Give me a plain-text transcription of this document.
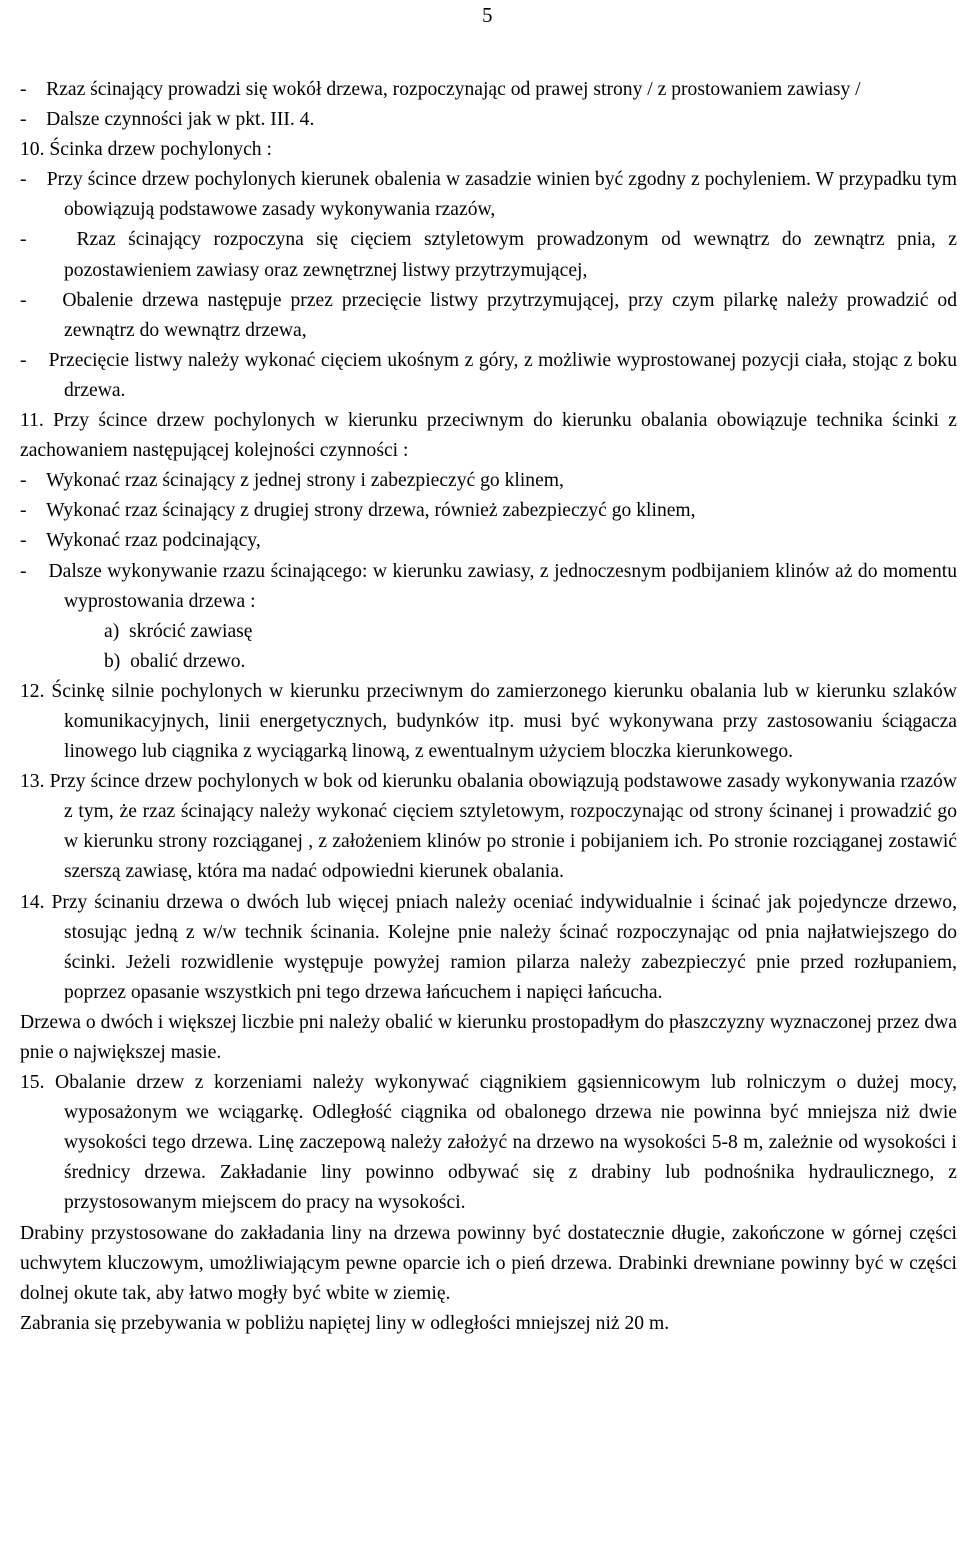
5

-    Rzaz ścinający prowadzi się wokół drzewa, rozpoczynając od prawej strony / z prostowaniem zawiasy /

-    Dalsze czynności jak w pkt. III. 4.

10. Ścinka drzew pochylonych :

-    Przy ścince drzew pochylonych kierunek obalenia w zasadzie winien być zgodny z pochyleniem. W przypadku tym obowiązują podstawowe zasady wykonywania rzazów,

-    Rzaz ścinający rozpoczyna się cięciem sztyletowym prowadzonym od wewnątrz do zewnątrz pnia, z pozostawieniem zawiasy oraz zewnętrznej listwy przytrzymującej,

-    Obalenie drzewa następuje przez przecięcie listwy przytrzymującej, przy czym pilarkę należy prowadzić od zewnątrz do wewnątrz drzewa,

-    Przecięcie listwy należy wykonać cięciem ukośnym z góry, z możliwie wyprostowanej pozycji ciała, stojąc z boku drzewa.

11. Przy ścince drzew pochylonych w kierunku przeciwnym do kierunku obalania obowiązuje technika ścinki z zachowaniem następującej kolejności czynności :

-    Wykonać rzaz ścinający z jednej strony i zabezpieczyć go klinem,

-    Wykonać rzaz ścinający z drugiej strony drzewa, również zabezpieczyć go klinem,

-    Wykonać rzaz podcinający,

-    Dalsze wykonywanie rzazu ścinającego: w kierunku zawiasy, z jednoczesnym podbijaniem klinów aż do momentu wyprostowania drzewa :

a)  skrócić zawiasę

b)  obalić drzewo.

12. Ścinkę silnie pochylonych w kierunku przeciwnym do zamierzonego kierunku obalania lub w kierunku szlaków komunikacyjnych, linii energetycznych, budynków itp. musi być wykonywana przy zastosowaniu ściągacza linowego lub ciągnika z wyciągarką linową, z ewentualnym użyciem bloczka kierunkowego.

13. Przy ścince drzew pochylonych w bok od kierunku obalania obowiązują podstawowe zasady wykonywania rzazów z tym, że rzaz ścinający należy wykonać cięciem sztyletowym, rozpoczynając od strony ścinanej i prowadzić go w kierunku strony rozciąganej , z założeniem klinów po stronie i pobijaniem ich. Po stronie rozciąganej zostawić szerszą zawiasę, która ma nadać odpowiedni kierunek obalania.

14. Przy ścinaniu drzewa o dwóch lub więcej pniach należy oceniać indywidualnie i ścinać jak pojedyncze drzewo, stosując jedną z w/w technik ścinania. Kolejne pnie należy ścinać rozpoczynając od pnia najłatwiejszego do ścinki. Jeżeli rozwidlenie występuje powyżej ramion pilarza należy zabezpieczyć pnie przed rozłupaniem, poprzez opasanie wszystkich pni tego drzewa łańcuchem i napięci łańcucha.

Drzewa o dwóch i większej liczbie pni należy obalić w kierunku prostopadłym do płaszczyzny wyznaczonej przez dwa pnie o największej masie.

15. Obalanie drzew z korzeniami należy wykonywać ciągnikiem gąsiennicowym lub rolniczym o dużej mocy, wyposażonym we wciągarkę. Odległość ciągnika od obalonego drzewa nie powinna być mniejsza niż dwie wysokości tego drzewa. Linę zaczepową należy założyć na drzewo na wysokości 5-8 m, zależnie od wysokości i średnicy drzewa. Zakładanie liny powinno odbywać się z drabiny lub podnośnika hydraulicznego, z przystosowanym miejscem do pracy na wysokości.

Drabiny przystosowane do zakładania liny na drzewa powinny być dostatecznie długie, zakończone w górnej części uchwytem kluczowym, umożliwiającym pewne oparcie ich o pień drzewa. Drabinki drewniane powinny być w części dolnej okute tak, aby łatwo mogły być wbite w ziemię.

Zabrania się przebywania w pobliżu napiętej liny w odległości mniejszej niż 20 m.
